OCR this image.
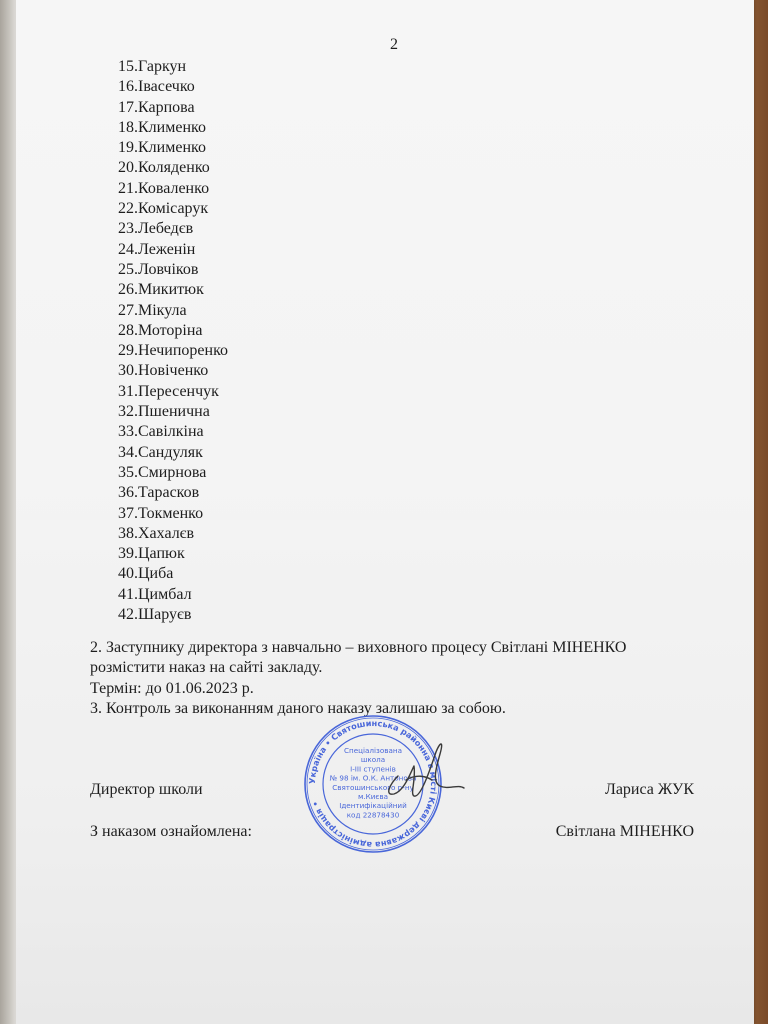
2
15.Гаркун
16.Івасечко
17.Карпова
18.Клименко
19.Клименко
20.Коляденко
21.Коваленко
22.Комісарук
23.Лебедєв
24.Леженін
25.Ловчіков
26.Микитюк
27.Мікула
28.Моторіна
29.Нечипоренко
30.Новіченко
31.Пересенчук
32.Пшенична
33.Савілкіна
34.Сандуляк
35.Смирнова
36.Тарасков
37.Токменко
38.Хахалєв
39.Цапюк
40.Циба
41.Цимбал
42.Шаруєв

2. Заступнику директора з навчально – виховного процесу Світлані МІНЕНКО

розмістити наказ на сайті закладу.

Термін: до 01.06.2023 р.

3. Контроль за виконанням даного наказу залишаю за собою.

Директор школи	Лариса ЖУК
З наказом ознайомлена:	Світлана МІНЕНКО
Україна • Святошинська районна в місті Києві державна адміністрація •
Спеціалізована
школа
І-ІІІ ступенів
№ 98 ім. О.К. Антонова
Святошинського р-ну
м.Києва
Ідентифікаційний
код 22878430
